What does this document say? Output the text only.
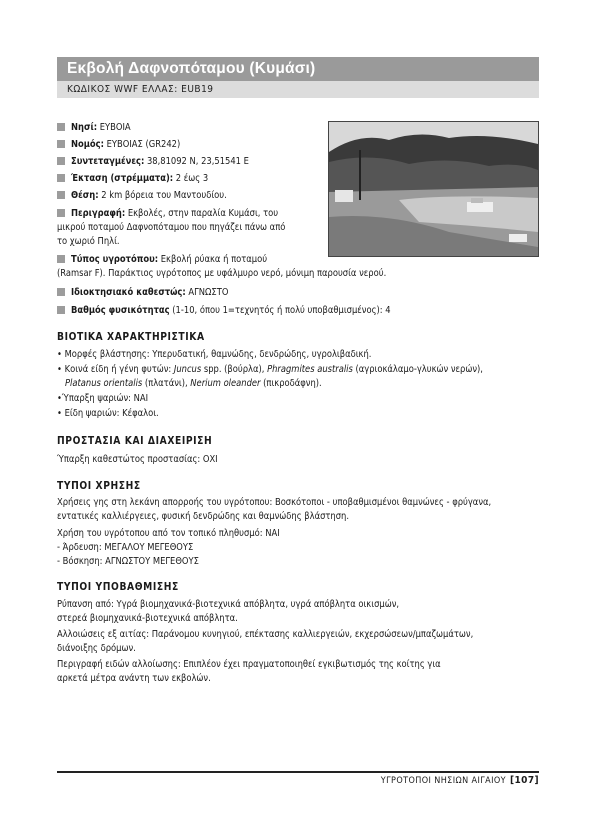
Εκβολή Δαφνοπόταμου (Κυμάσι)
ΚΩΔΙΚΟΣ WWF ΕΛΛΑΣ: EUB19
Νησί: ΕΥΒΟΙΑ
Νομός: ΕΥΒΟΙΑΣ (GR242)
Συντεταγμένες: 38,81092 N, 23,51541 E
Έκταση (στρέμματα): 2 έως 3
Θέση: 2 km βόρεια του Μαντουδίου.
Περιγραφή: Εκβολές, στην παραλία Κυμάσι, του
μικρού ποταμού Δαφνοπόταμου που πηγάζει πάνω από
το χωριό Πηλί.
Τύπος υγροτόπου: Εκβολή ρύακα ή ποταμού
(Ramsar F). Παράκτιος υγρότοπος με υφάλμυρο νερό, μόνιμη παρουσία νερού.
Ιδιοκτησιακό καθεστώς: ΑΓΝΩΣΤΟ
Βαθμός φυσικότητας (1-10, όπου 1=τεχνητός ή πολύ υποβαθμισμένος): 4
ΒΙΟΤΙΚΑ ΧΑΡΑΚΤΗΡΙΣΤΙΚΑ
• Μορφές βλάστησης: Υπερυδατική, θαμνώδης, δενδρώδης, υγρολιβαδική.
• Κοινά είδη ή γένη φυτών: Juncus spp. (βούρλα), Phragmites australis (αγριοκάλαμο-γλυκών νερών),
Platanus orientalis (πλατάνι), Nerium oleander (πικροδάφνη).
•Ύπαρξη ψαριών: ΝΑΙ
• Είδη ψαριών: Κέφαλοι.
ΠΡΟΣΤΑΣΙΑ ΚΑΙ ΔΙΑΧΕΙΡΙΣΗ
Ύπαρξη καθεστώτος προστασίας: ΟΧΙ
ΤΥΠΟΙ ΧΡΗΣΗΣ
Χρήσεις γης στη λεκάνη απορροής του υγρότοπου: Βοσκότοποι - υποβαθμισμένοι θαμνώνες - φρύγανα,
εντατικές καλλιέργειες, φυσική δενδρώδης και θαμνώδης βλάστηση.
Χρήση του υγρότοπου από τον τοπικό πληθυσμό: ΝΑΙ
- Άρδευση: ΜΕΓΑΛΟΥ ΜΕΓΕΘΟΥΣ
- Βόσκηση: ΑΓΝΩΣΤΟΥ ΜΕΓΕΘΟΥΣ
ΤΥΠΟΙ ΥΠΟΒΑΘΜΙΣΗΣ
Ρύπανση από: Υγρά βιομηχανικά-βιοτεχνικά απόβλητα, υγρά απόβλητα οικισμών,
στερεά βιομηχανικά-βιοτεχνικά απόβλητα.
Αλλοιώσεις εξ αιτίας: Παράνομου κυνηγιού, επέκτασης καλλιεργειών, εκχερσώσεων/μπαζωμάτων,
διάνοιξης δρόμων.
Περιγραφή ειδών αλλοίωσης: Επιπλέον έχει πραγματοποιηθεί εγκιβωτισμός της κοίτης για
αρκετά μέτρα ανάντη των εκβολών.
ΥΓΡΟΤΟΠΟΙ ΝΗΣΙΩΝ ΑΙΓΑΙΟΥ [107]
